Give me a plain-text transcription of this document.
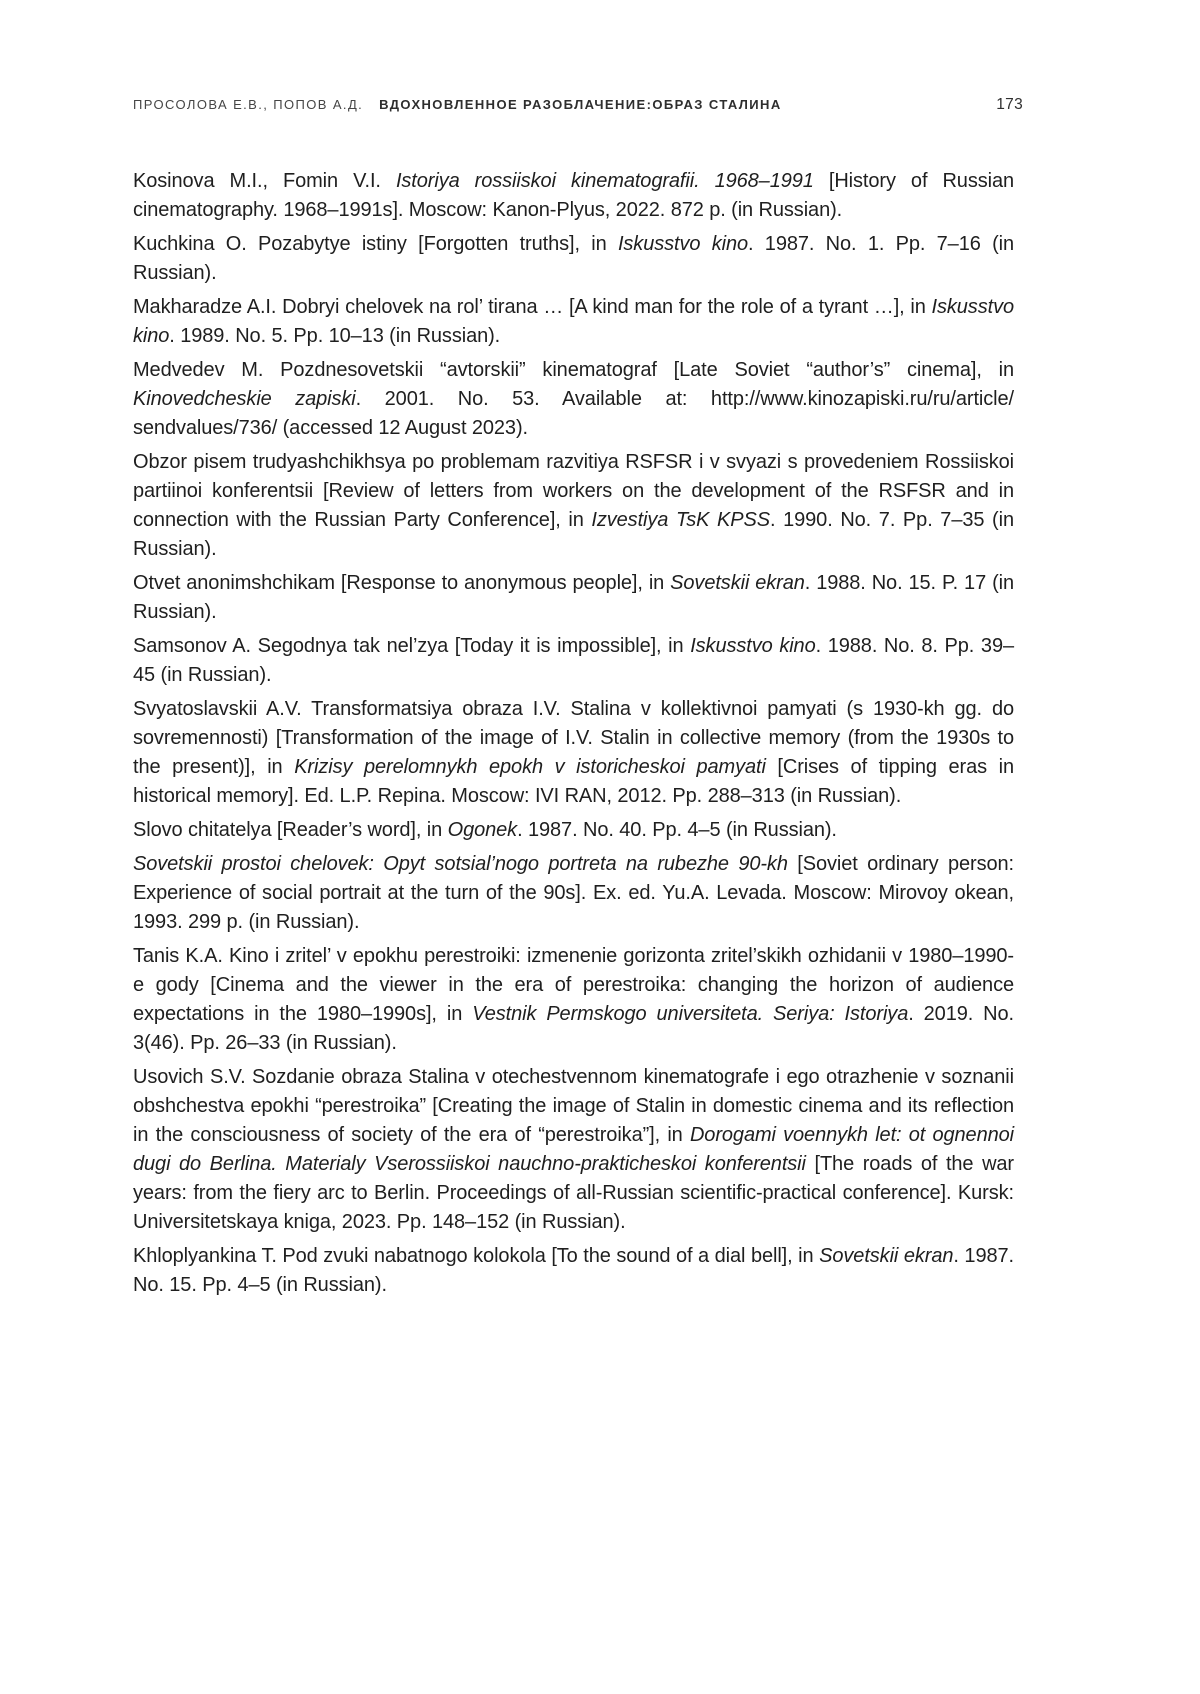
ПРОСОЛОВА Е.В., ПОПОВ А.Д. ВДОХНОВЛЕННОЕ РАЗОБЛАЧЕНИЕ:ОБРАЗ СТАЛИНА	173

Kosinova M.I., Fomin V.I. Istoriya rossiiskoi kinematografii. 1968–1991 [History of Russian cinematography. 1968–1991s]. Moscow: Kanon-Plyus, 2022. 872 p. (in Russian).

Kuchkina O. Pozabytye istiny [Forgotten truths], in Iskusstvo kino. 1987. No. 1. Pp. 7–16 (in Russian).

Makharadze A.I. Dobryi chelovek na rol’ tirana … [A kind man for the role of a tyrant …], in Iskusstvo kino. 1989. No. 5. Pp. 10–13 (in Russian).

Medvedev M. Pozdnesovetskii “avtorskii” kinematograf [Late Soviet “author’s” cinema], in Kinovedcheskie zapiski. 2001. No. 53. Available at: http://www.kinozapiski.ru/ru/article/​sendvalues/736/ (accessed 12 August 2023).

Obzor pisem trudyashchikhsya po problemam razvitiya RSFSR i v svyazi s provedeniem Rossiiskoi partiinoi konferentsii [Review of letters from workers on the development of the RSFSR and in connection with the Russian Party Conference], in Izvestiya TsK KPSS. 1990. No. 7. Pp. 7–35 (in Russian).

Otvet anonimshchikam [Response to anonymous people], in Sovetskii ekran. 1988. No. 15. P. 17 (in Russian).

Samsonov A. Segodnya tak nel’zya [Today it is impossible], in Iskusstvo kino. 1988. No. 8. Pp. 39– 45 (in Russian).

Svyatoslavskii A.V. Transformatsiya obraza I.V. Stalina v kollektivnoi pamyati (s 1930-kh gg. do sovremennosti) [Transformation of the image of I.V. Stalin in collective memory (from the 1930s to the present)], in Krizisy perelomnykh epokh v istoricheskoi pamyati [Crises of tipping eras in historical memory]. Ed. L.P. Repina. Moscow: IVI RAN, 2012. Pp. 288–313 (in Russian).

Slovo chitatelya [Reader’s word], in Ogonek. 1987. No. 40. Pp. 4–5 (in Russian).

Sovetskii prostoi chelovek: Opyt sotsial’nogo portreta na rubezhe 90-kh [Soviet ordinary person: Experience of social portrait at the turn of the 90s]. Ex. ed. Yu.A. Levada. Moscow: Mirovoy okean, 1993. 299 p. (in Russian).

Tanis K.A. Kino i zritel’ v epokhu perestroiki: izmenenie gorizonta zritel’skikh ozhidanii v 1980–1990-e gody [Cinema and the viewer in the era of perestroika: changing the horizon of audience expectations in the 1980–1990s], in Vestnik Permskogo universiteta. Seriya: Istoriya. 2019. No. 3(46). Pp. 26–33 (in Russian).

Usovich S.V. Sozdanie obraza Stalina v otechestvennom kinematografe i ego otrazhenie v soznanii obshchestva epokhi “perestroika” [Creating the image of Stalin in domestic cinema and its reflection in the consciousness of society of the era of “perestroika”], in Dorogami voennykh let: ot ognennoi dugi do Berlina. Materialy Vserossiiskoi nauchno-prakticheskoi konferentsii [The roads of the war years: from the fiery arc to Berlin. Proceedings of all-Russian scientific-practical conference]. Kursk: Universitetskaya kniga, 2023. Pp. 148–152 (in Russian).

Khloplyankina T. Pod zvuki nabatnogo kolokola [To the sound of a dial bell], in Sovetskii ekran. 1987. No. 15. Pp. 4–5 (in Russian).
